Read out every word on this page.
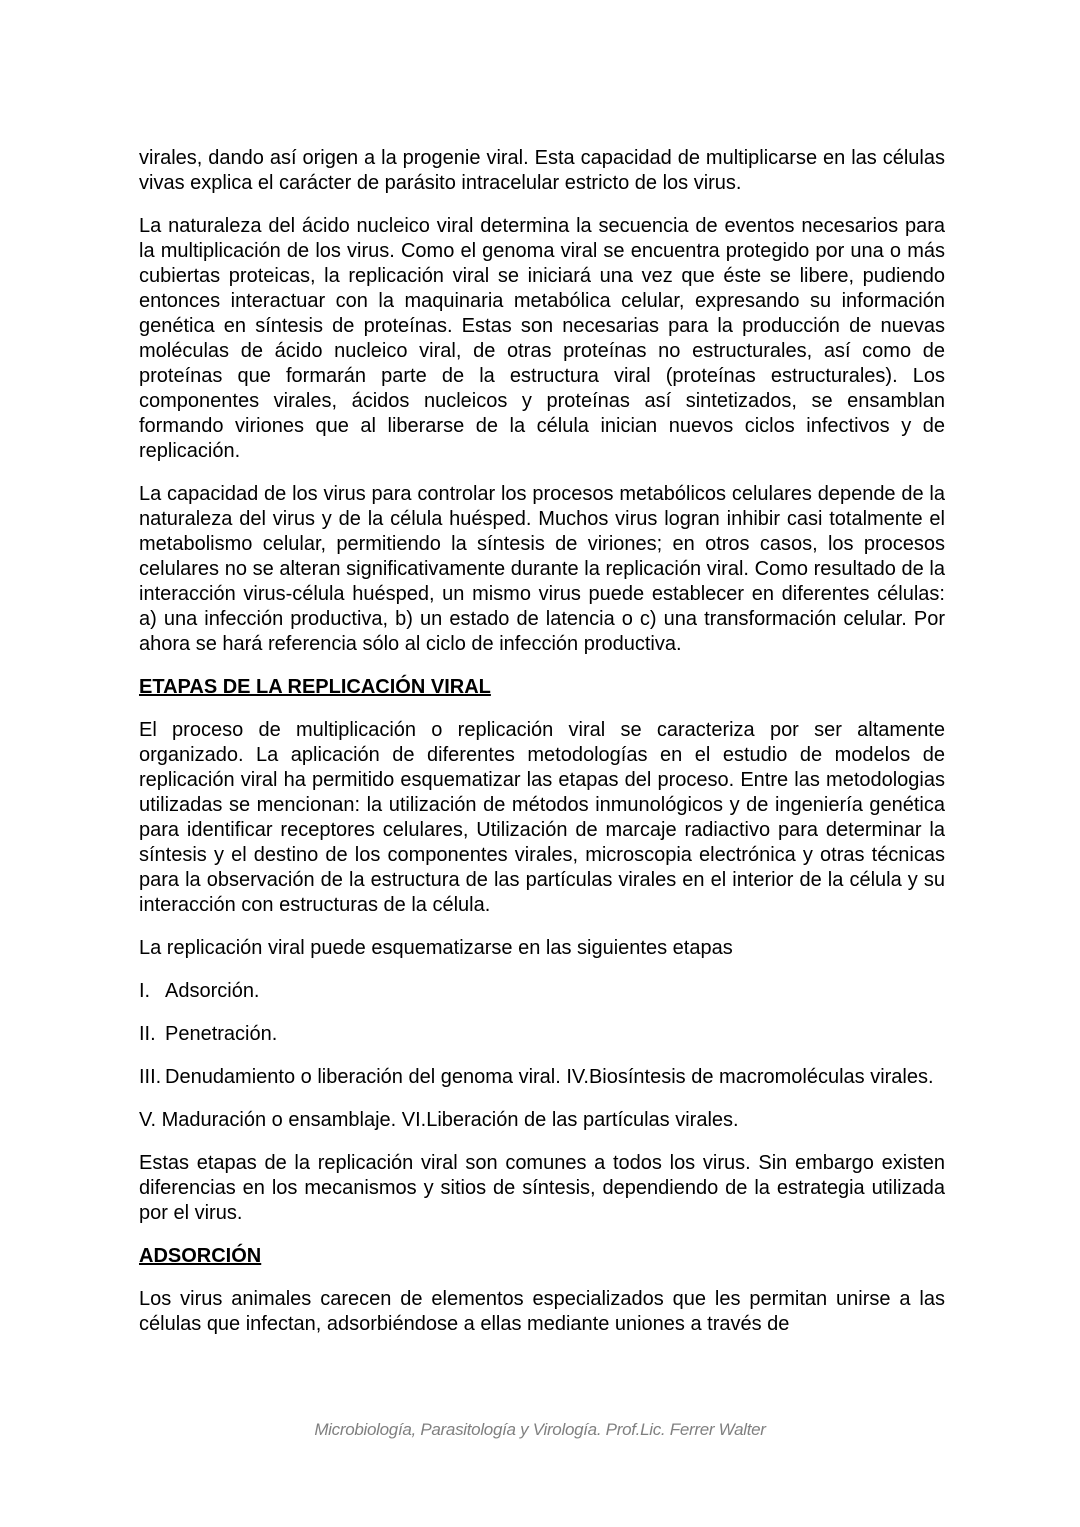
virales, dando así origen a la progenie viral. Esta capacidad de multiplicarse en las células vivas explica el carácter de parásito intracelular estricto de los virus.

La naturaleza del ácido nucleico viral determina la secuencia de eventos necesarios para la multiplicación de los virus. Como el genoma viral se encuentra protegido por una o más cubiertas proteicas, la replicación viral se iniciará una vez que éste se libere, pudiendo entonces interactuar con la maquinaria metabólica celular, expresando su información genética en síntesis de proteínas. Estas son necesarias para la producción de nuevas moléculas de ácido nucleico viral, de otras proteínas no estructurales, así como de proteínas que formarán parte de la estructura viral (proteínas estructurales). Los componentes virales, ácidos nucleicos y proteínas así sintetizados, se ensamblan formando viriones que al liberarse de la célula inician nuevos ciclos infectivos y de replicación.

La capacidad de los virus para controlar los procesos metabólicos celulares depende de la naturaleza del virus y de la célula huésped. Muchos virus logran inhibir casi totalmente el metabolismo celular, permitiendo la síntesis de viriones; en otros casos, los procesos celulares no se alteran significativamente durante la replicación viral. Como resultado de la interacción virus-célula huésped, un mismo virus puede establecer en diferentes células: a) una infección productiva, b) un estado de latencia o c) una transformación celular. Por ahora se hará referencia sólo al ciclo de infección productiva.

ETAPAS DE LA REPLICACIÓN VIRAL

El proceso de multiplicación o replicación viral se caracteriza por ser altamente organizado. La aplicación de diferentes metodologías en el estudio de modelos de replicación viral ha permitido esquematizar las etapas del proceso. Entre las metodologias utilizadas se mencionan: la utilización de métodos inmunológicos y de ingeniería genética para identificar receptores celulares, Utilización de marcaje radiactivo para determinar la síntesis y el destino de los componentes virales, microscopia electrónica y otras técnicas para la observación de la estructura de las partículas virales en el interior de la célula y su interacción con estructuras de la célula.

La replicación viral puede esquematizarse en las siguientes etapas

I. Adsorción.
II. Penetración.
III. Denudamiento o liberación del genoma viral. IV.Biosíntesis de macromoléculas virales.
V. Maduración o ensamblaje. VI.Liberación de las partículas virales.

Estas etapas de la replicación viral son comunes a todos los virus. Sin embargo existen diferencias en los mecanismos y sitios de síntesis, dependiendo de la estrategia utilizada por el virus.

ADSORCIÓN

Los virus animales carecen de elementos especializados que les permitan unirse a las células que infectan, adsorbiéndose a ellas mediante uniones a través de

Microbiología, Parasitología y Virología. Prof.Lic. Ferrer Walter
